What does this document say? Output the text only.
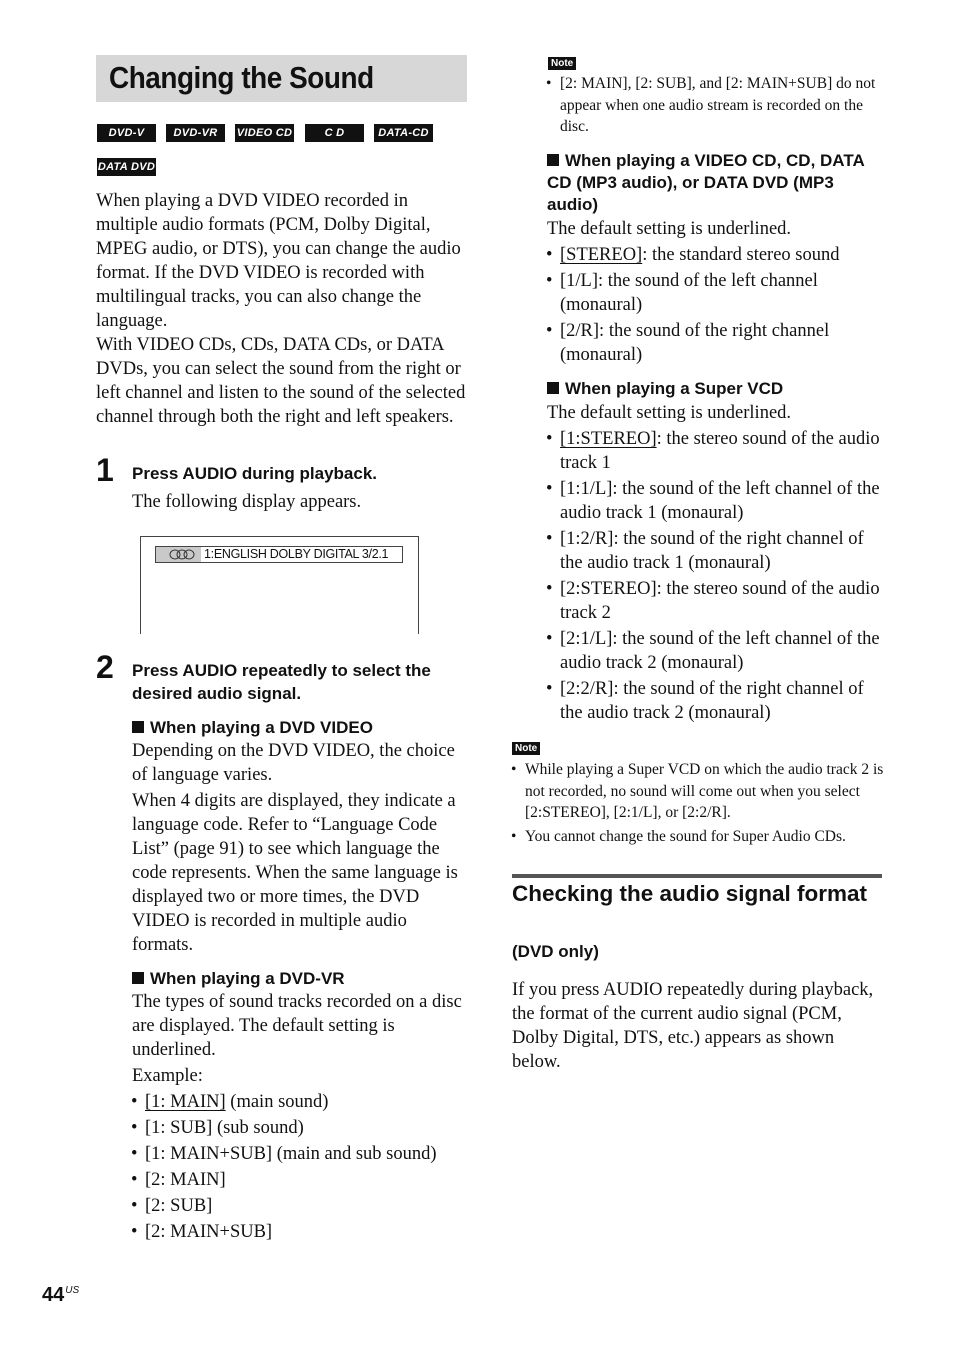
Changing the Sound
DVD-V	DVD-VR	VIDEO CD	C D	DATA-CD
DATA DVD
When playing a DVD VIDEO recorded in multiple audio formats (PCM, Dolby Digital, MPEG audio, or DTS), you can change the audio format. If the DVD VIDEO is recorded with multilingual tracks, you can also change the language.
With VIDEO CDs, CDs, DATA CDs, or DATA DVDs, you can select the sound from the right or left channel and listen to the sound of the selected channel through both the right and left speakers.
1 Press AUDIO during playback.
The following display appears.
1:ENGLISH DOLBY DIGITAL 3/2.1
2 Press AUDIO repeatedly to select the desired audio signal.
When playing a DVD VIDEO
Depending on the DVD VIDEO, the choice of language varies.
When 4 digits are displayed, they indicate a language code. Refer to “Language Code List” (page 91) to see which language the code represents. When the same language is displayed two or more times, the DVD VIDEO is recorded in multiple audio formats.
When playing a DVD-VR
The types of sound tracks recorded on a disc are displayed. The default setting is underlined.
Example:
• [1: MAIN] (main sound)
• [1: SUB] (sub sound)
• [1: MAIN+SUB] (main and sub sound)
• [2: MAIN]
• [2: SUB]
• [2: MAIN+SUB]
Note
• [2: MAIN], [2: SUB], and [2: MAIN+SUB] do not appear when one audio stream is recorded on the disc.
When playing a VIDEO CD, CD, DATA CD (MP3 audio), or DATA DVD (MP3 audio)
The default setting is underlined.
• [STEREO]: the standard stereo sound
• [1/L]: the sound of the left channel (monaural)
• [2/R]: the sound of the right channel (monaural)
When playing a Super VCD
The default setting is underlined.
• [1:STEREO]: the stereo sound of the audio track 1
• [1:1/L]: the sound of the left channel of the audio track 1 (monaural)
• [1:2/R]: the sound of the right channel of the audio track 1 (monaural)
• [2:STEREO]: the stereo sound of the audio track 2
• [2:1/L]: the sound of the left channel of the audio track 2 (monaural)
• [2:2/R]: the sound of the right channel of the audio track 2 (monaural)
Note
• While playing a Super VCD on which the audio track 2 is not recorded, no sound will come out when you select [2:STEREO], [2:1/L], or [2:2/R].
• You cannot change the sound for Super Audio CDs.
Checking the audio signal format
(DVD only)
If you press AUDIO repeatedly during playback, the format of the current audio signal (PCM, Dolby Digital, DTS, etc.) appears as shown below.
$44^{US}$
